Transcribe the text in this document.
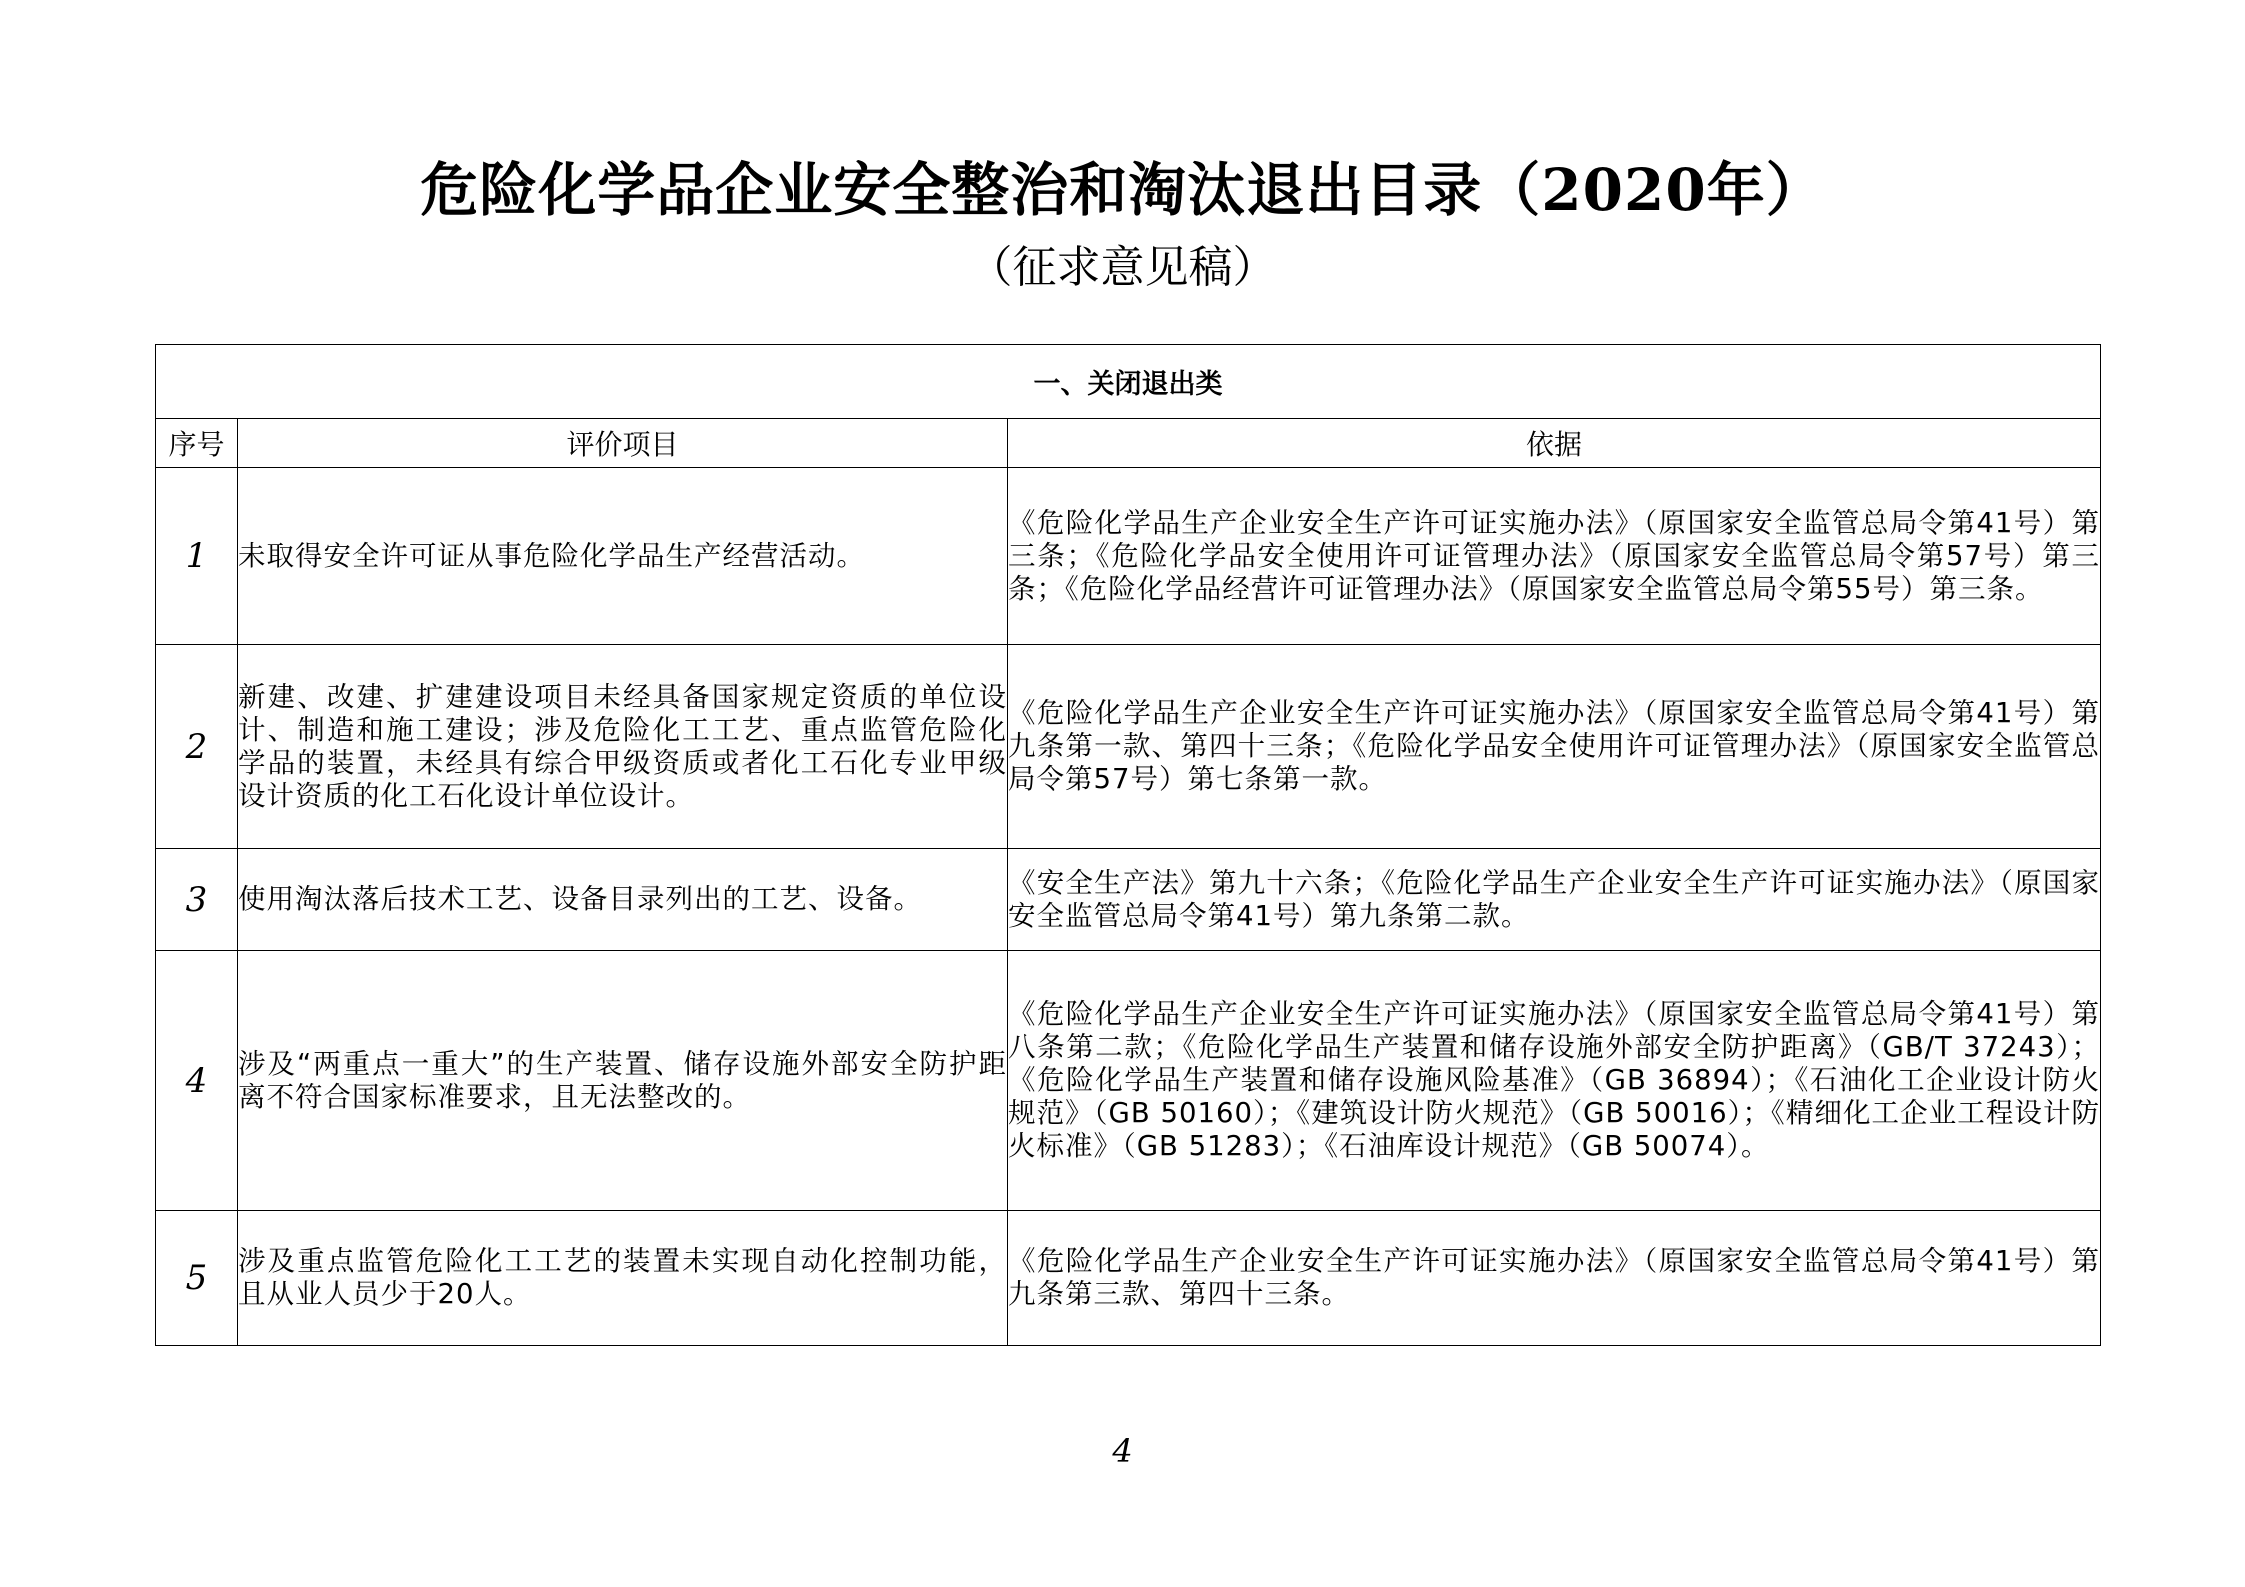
危险化学品企业安全整治和淘汰退出目录（2020年）
（征求意见稿）
一、关闭退出类		
序号	评价项目	依据
1	未取得安全许可证从事危险化学品生产经营活动。	《危险化学品生产企业安全生产许可证实施办法》（原国家安全监管总局令第41号）第三条；《危险化学品安全使用许可证管理办法》（原国家安全监管总局令第57号）第三条；《危险化学品经营许可证管理办法》（原国家安全监管总局令第55号）第三条。
2	新建、改建、扩建建设项目未经具备国家规定资质的单位设计、制造和施工建设；涉及危险化工工艺、重点监管危险化学品的装置，未经具有综合甲级资质或者化工石化专业甲级设计资质的化工石化设计单位设计。	《危险化学品生产企业安全生产许可证实施办法》（原国家安全监管总局令第41号）第九条第一款、第四十三条；《危险化学品安全使用许可证管理办法》（原国家安全监管总局令第57号）第七条第一款。
3	使用淘汰落后技术工艺、设备目录列出的工艺、设备。	《安全生产法》第九十六条；《危险化学品生产企业安全生产许可证实施办法》（原国家安全监管总局令第41号）第九条第二款。
4	涉及“两重点一重大”的生产装置、储存设施外部安全防护距离不符合国家标准要求，且无法整改的。	《危险化学品生产企业安全生产许可证实施办法》（原国家安全监管总局令第41号）第八条第二款；《危险化学品生产装置和储存设施外部安全防护距离》（GB/T 37243）；《危险化学品生产装置和储存设施风险基准》（GB 36894）；《石油化工企业设计防火规范》（GB 50160）；《建筑设计防火规范》（GB 50016）；《精细化工企业工程设计防火标准》（GB 51283）；《石油库设计规范》（GB 50074）。
5	涉及重点监管危险化工工艺的装置未实现自动化控制功能，且从业人员少于20人。	《危险化学品生产企业安全生产许可证实施办法》（原国家安全监管总局令第41号）第九条第三款、第四十三条。
4
